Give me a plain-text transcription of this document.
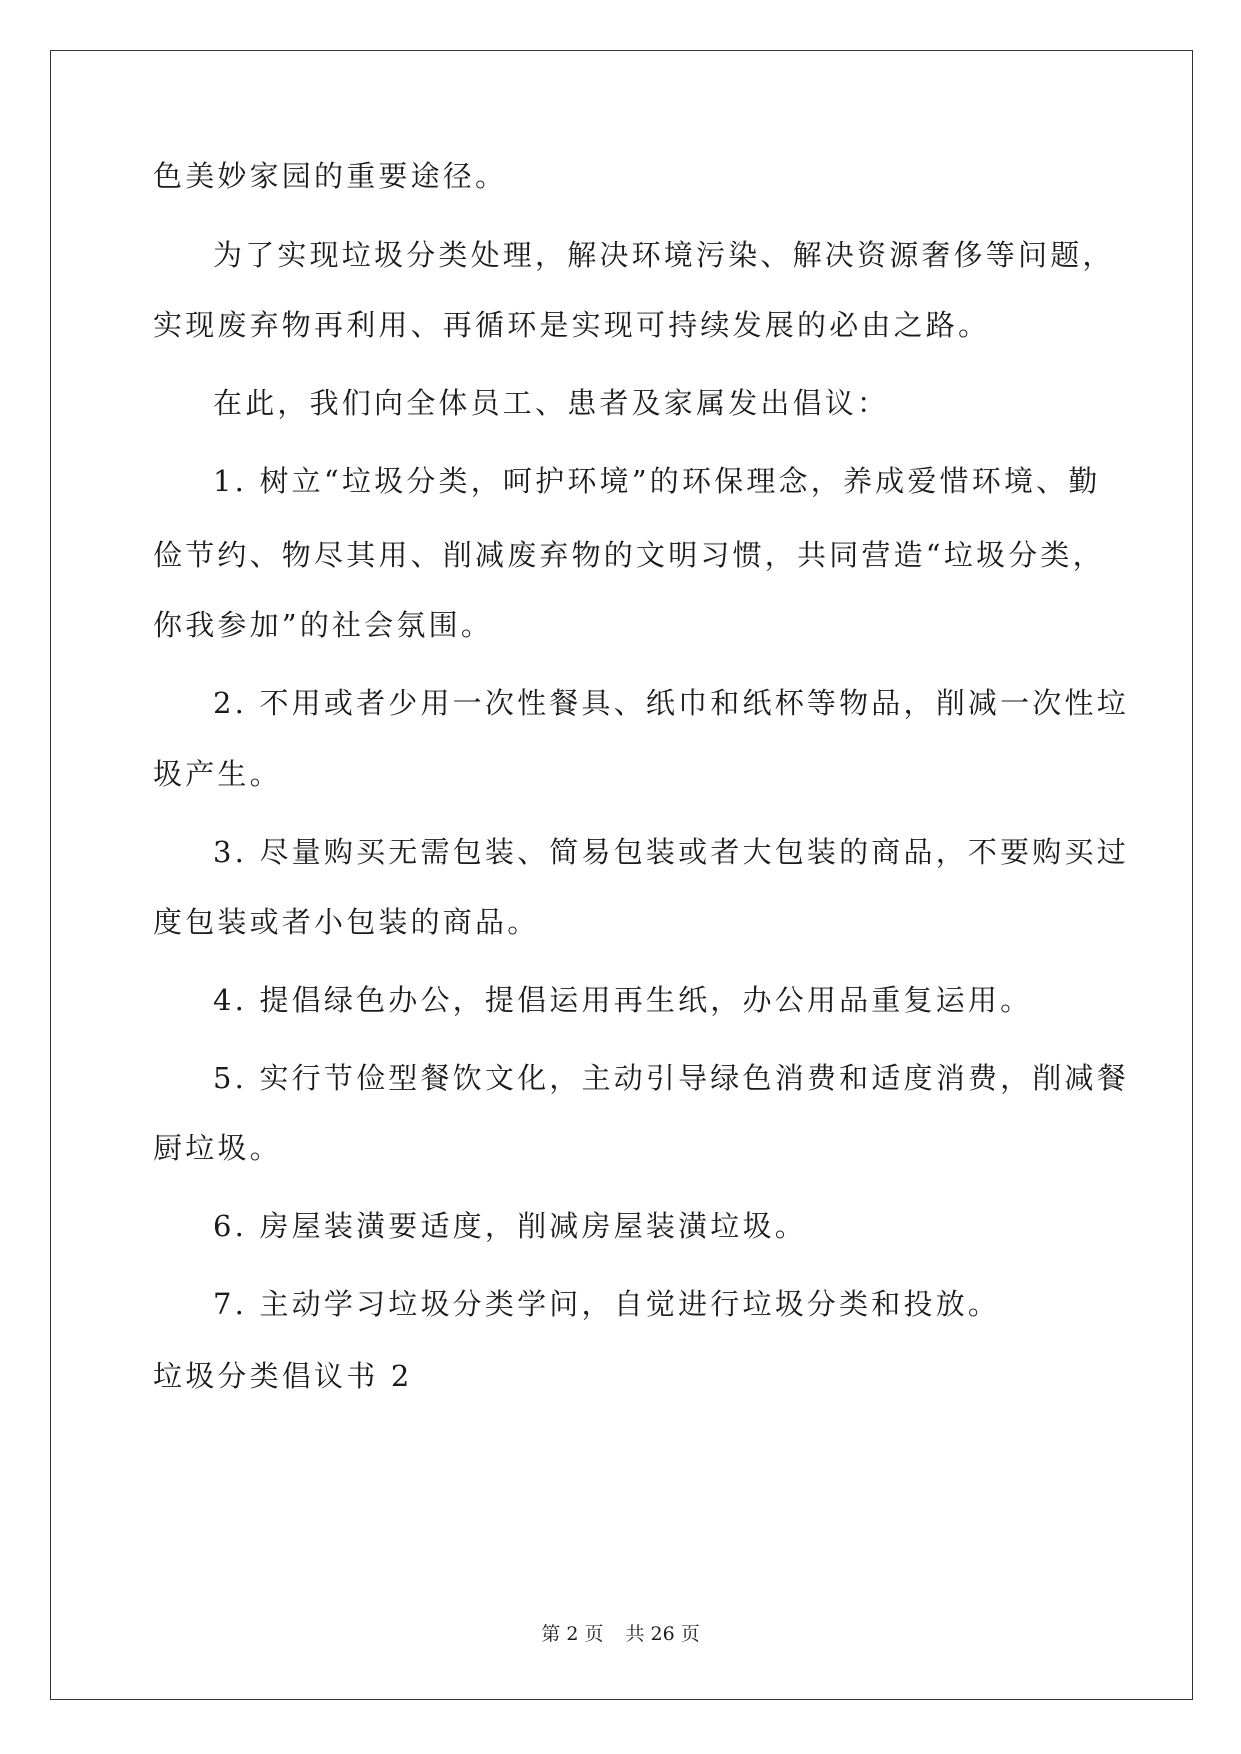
色美妙家园的重要途径。
为了实现垃圾分类处理，解决环境污染、解决资源奢侈等问题，
实现废弃物再利用、再循环是实现可持续发展的必由之路。
在此，我们向全体员工、患者及家属发出倡议：
1. 树立“垃圾分类，呵护环境”的环保理念，养成爱惜环境、勤
俭节约、物尽其用、削减废弃物的文明习惯，共同营造“垃圾分类，
你我参加”的社会氛围。
2. 不用或者少用一次性餐具、纸巾和纸杯等物品，削减一次性垃
圾产生。
3. 尽量购买无需包装、简易包装或者大包装的商品，不要购买过
度包装或者小包装的商品。
4. 提倡绿色办公，提倡运用再生纸，办公用品重复运用。
5. 实行节俭型餐饮文化，主动引导绿色消费和适度消费，削减餐
厨垃圾。
6. 房屋装潢要适度，削减房屋装潢垃圾。
7. 主动学习垃圾分类学问，自觉进行垃圾分类和投放。
垃圾分类倡议书 2
第 2 页 共 26 页
